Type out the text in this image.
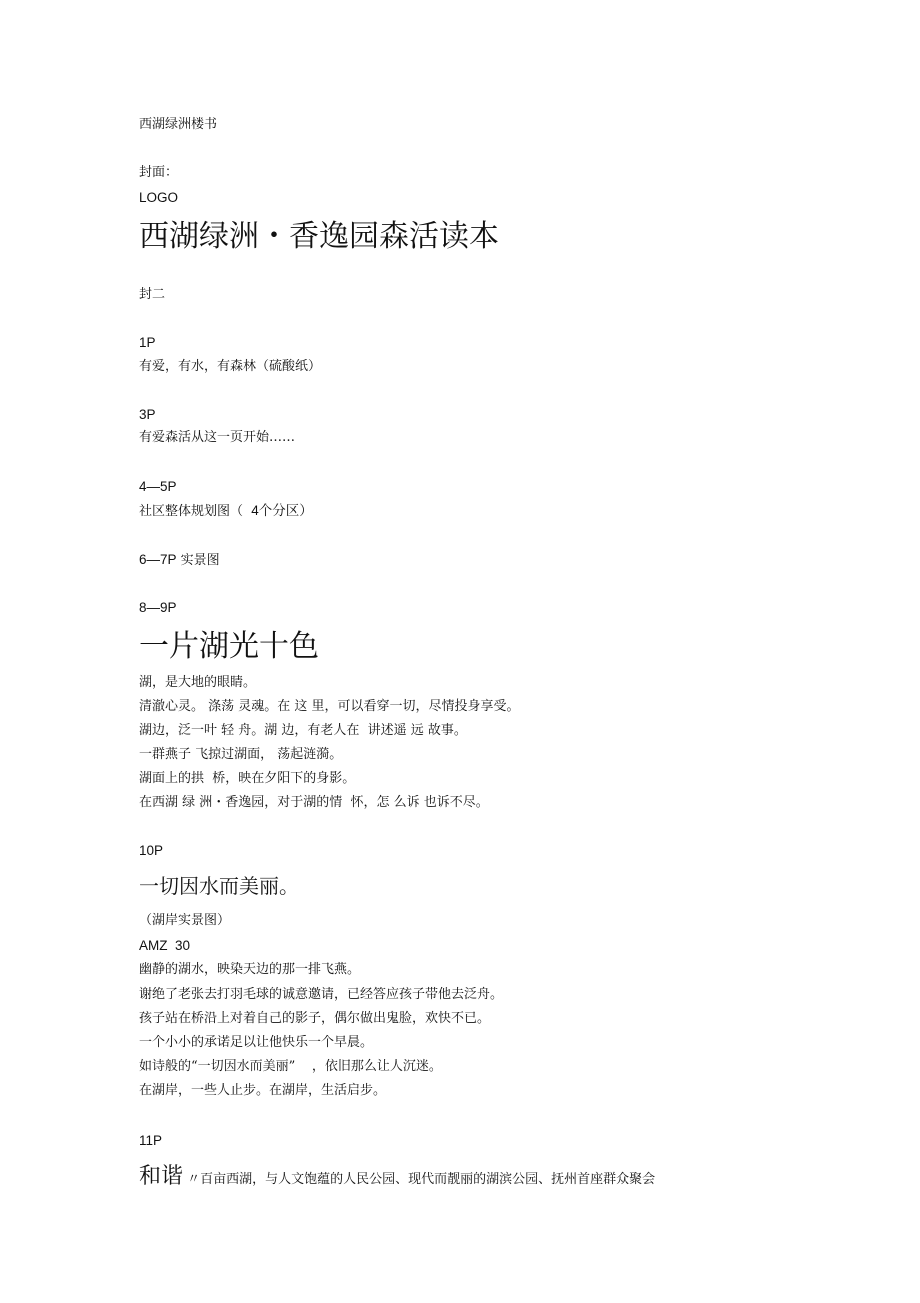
西湖绿洲楼书
封面：
LOGO
西湖绿洲・香逸园森活读本
封二
1P
有爱，有水，有森林（硫酸纸）
3P
有爱森活从这一页开始……
4—5P
社区整体规划图（ 4个分区）
6—7P 实景图
8—9P
一片湖光十色
湖，是大地的眼睛。
清澈心灵。 涤荡 灵魂。在 这 里，可以看穿一切，尽情投身享受。
湖边，泛一叶 轻 舟。湖 边，有老人在  讲述遥 远 故事。
一群燕子 飞掠过湖面， 荡起涟漪。
湖面上的拱  桥，映在夕阳下的身影。
在西湖 绿 洲・香逸园，对于湖的情  怀，怎 么诉 也诉不尽。
10P
一切因水而美丽。
（湖岸实景图）
AMZ  30
幽静的湖水，映染天边的那一排飞燕。
谢绝了老张去打羽毛球的诚意邀请，已经答应孩子带他去泛舟。
孩子站在桥沿上对着自己的影子，偶尔做出鬼脸，欢快不已。
一个小小的承诺足以让他快乐一个早晨。
如诗般的“一切因水而美丽”    ，依旧那么让人沉迷。
在湖岸，一些人止步。在湖岸，生活启步。
11P
和谐 〃百亩西湖，与人文饱蕴的人民公园、现代而靓丽的湖滨公园、抚州首座群众聚会
